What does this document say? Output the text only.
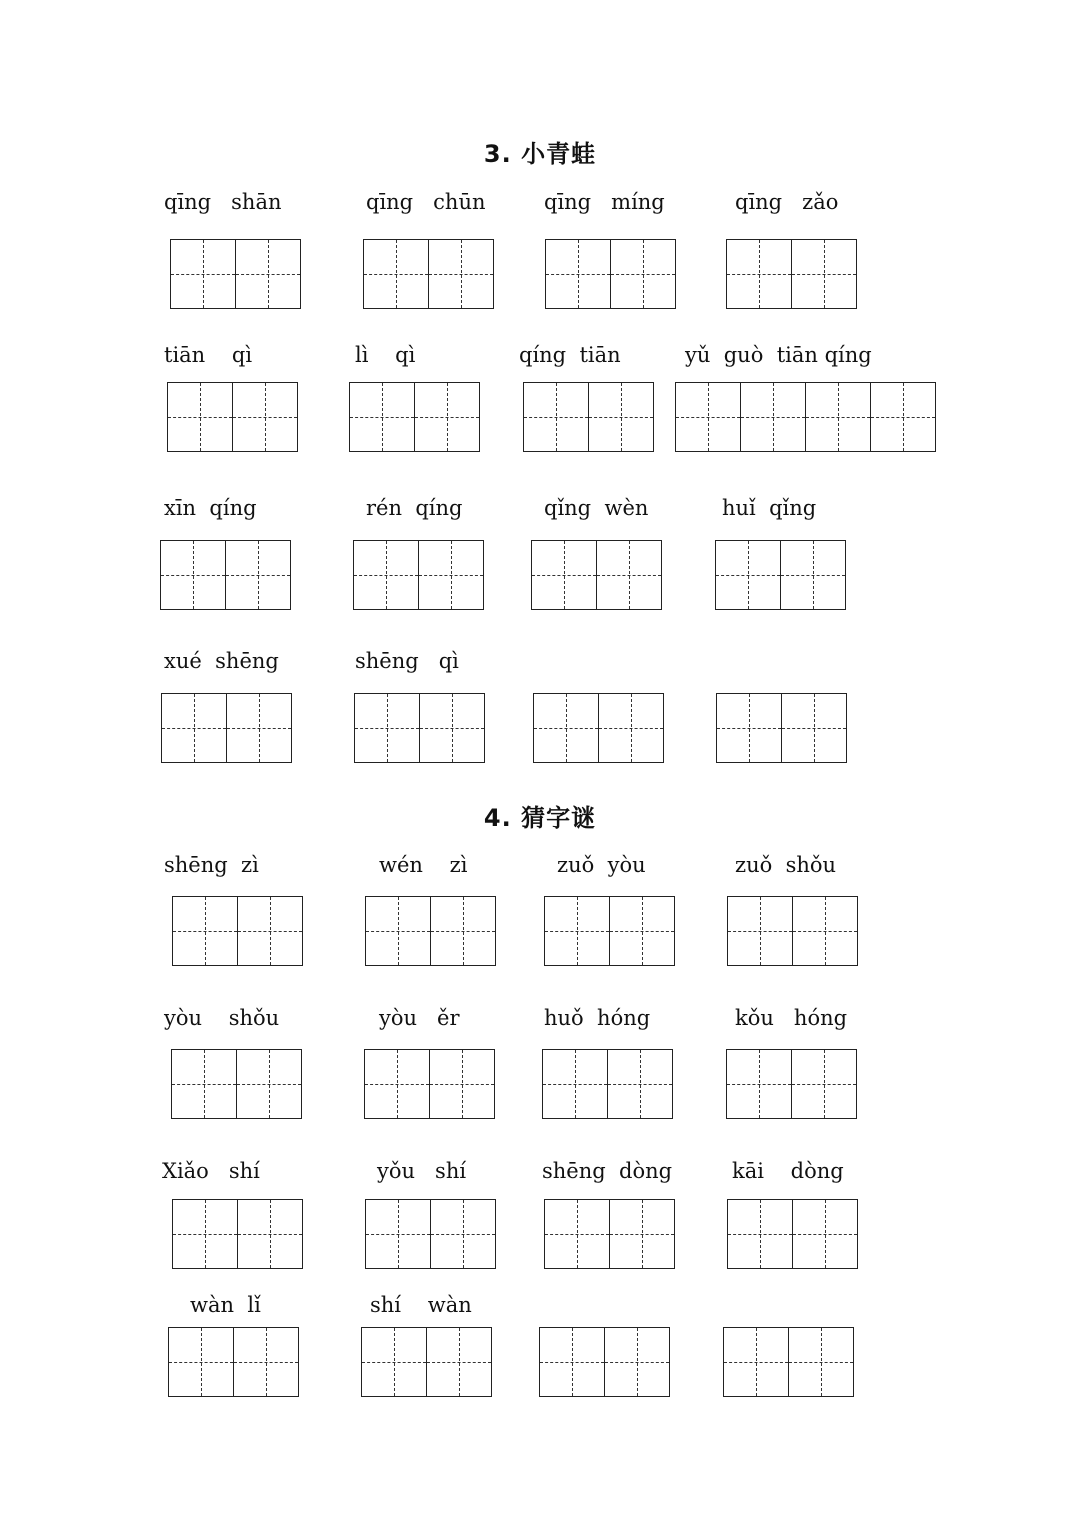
3. 小青蛙
qīng   shān	qīng   chūn	qīng   míng	qīng   zǎo
tiān    qì	lì    qì	qíng  tiān	yǔ  guò  tiān qíng
xīn  qíng	rén  qíng	qǐng  wèn	huǐ  qǐng
xué  shēng	shēng   qì
4. 猜字谜
shēng  zì	wén    zì	zuǒ  yòu	zuǒ  shǒu
yòu    shǒu	yòu   ěr	huǒ  hóng	kǒu   hóng
Xiǎo   shí	yǒu   shí	shēng  dòng	kāi    dòng
wàn  lǐ	shí    wàn
